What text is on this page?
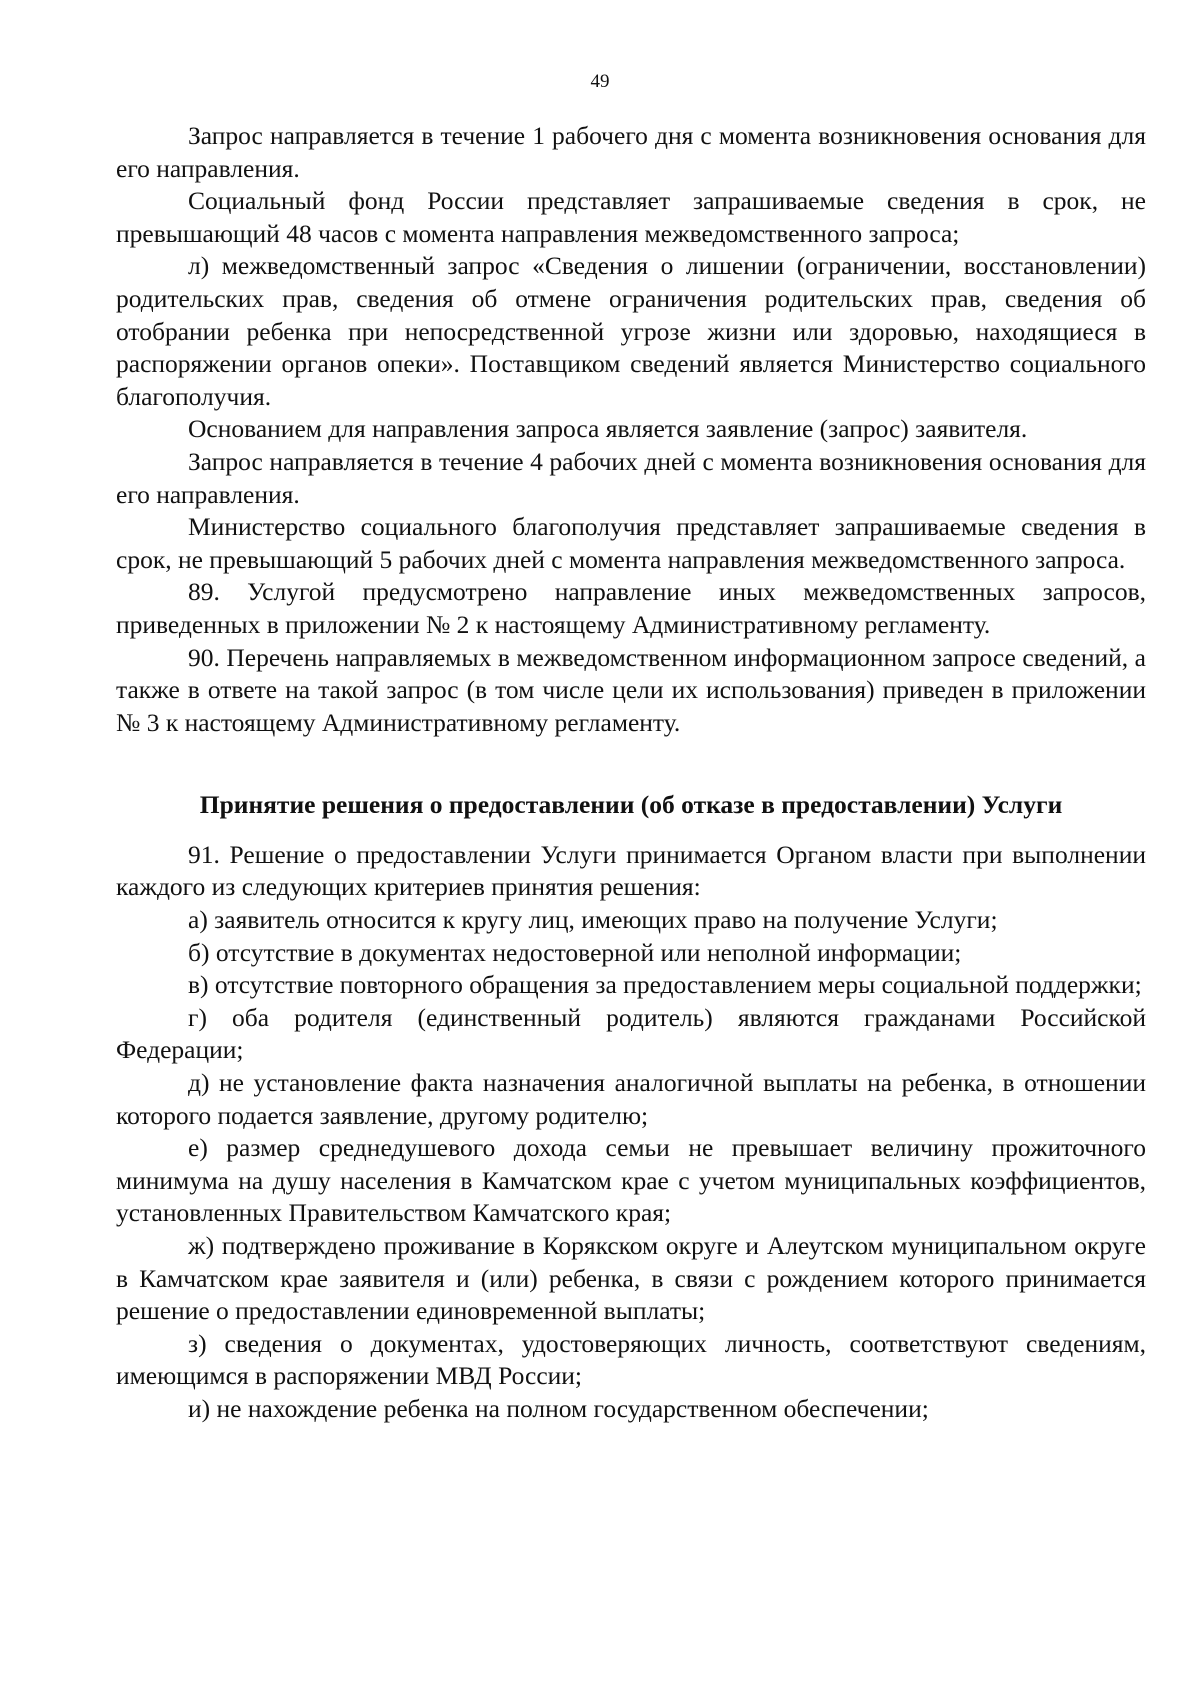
49

Запрос направляется в течение 1 рабочего дня с момента возникновения основания для его направления.

Социальный фонд России представляет запрашиваемые сведения в срок, не превышающий 48 часов с момента направления межведомственного запроса;

л) межведомственный запрос «Сведения о лишении (ограничении, восстановлении) родительских прав, сведения об отмене ограничения родительских прав, сведения об отобрании ребенка при непосредственной угрозе жизни или здоровью, находящиеся в распоряжении органов опеки». Поставщиком сведений является Министерство социального благополучия.

Основанием для направления запроса является заявление (запрос) заявителя.

Запрос направляется в течение 4 рабочих дней с момента возникновения основания для его направления.

Министерство социального благополучия представляет запрашиваемые сведения в срок, не превышающий 5 рабочих дней с момента направления межведомственного запроса.

89. Услугой предусмотрено направление иных межведомственных запросов, приведенных в приложении № 2 к настоящему Административному регламенту.

90. Перечень направляемых в межведомственном информационном запросе сведений, а также в ответе на такой запрос (в том числе цели их использования) приведен в приложении № 3 к настоящему Административному регламенту.

Принятие решения о предоставлении (об отказе в предоставлении) Услуги

91. Решение о предоставлении Услуги принимается Органом власти при выполнении каждого из следующих критериев принятия решения:

а) заявитель относится к кругу лиц, имеющих право на получение Услуги;

б) отсутствие в документах недостоверной или неполной информации;

в) отсутствие повторного обращения за предоставлением меры социальной поддержки;

г) оба родителя (единственный родитель) являются гражданами Российской Федерации;

д) не установление факта назначения аналогичной выплаты на ребенка, в отношении которого подается заявление, другому родителю;

е) размер среднедушевого дохода семьи не превышает величину прожиточного минимума на душу населения в Камчатском крае с учетом муниципальных коэффициентов, установленных Правительством Камчатского края;

ж) подтверждено проживание в Корякском округе и Алеутском муниципальном округе в Камчатском крае заявителя и (или) ребенка, в связи с рождением которого принимается решение о предоставлении единовременной выплаты;

з) сведения о документах, удостоверяющих личность, соответствуют сведениям, имеющимся в распоряжении МВД России;

и) не нахождение ребенка на полном государственном обеспечении;
